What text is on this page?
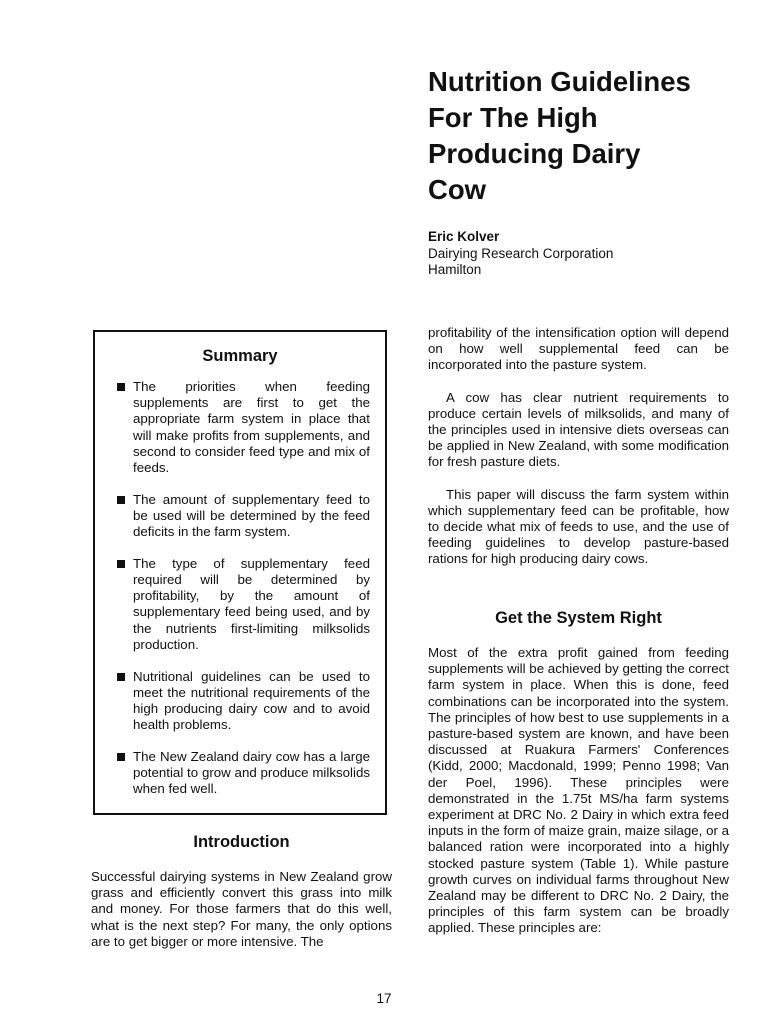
Nutrition Guidelines
For The High
Producing Dairy
Cow
Eric Kolver
Dairying Research Corporation
Hamilton
Summary
The priorities when feeding supplements are first to get the appropriate farm system in place that will make profits from supplements, and second to consider feed type and mix of feeds.
The amount of supplementary feed to be used will be determined by the feed deficits in the farm system.
The type of supplementary feed required will be determined by profitability, by the amount of supplementary feed being used, and by the nutrients first-limiting milksolids production.
Nutritional guidelines can be used to meet the nutritional requirements of the high producing dairy cow and to avoid health problems.
The New Zealand dairy cow has a large potential to grow and produce milksolids when fed well.
Introduction

Successful dairying systems in New Zealand grow grass and efficiently convert this grass into milk and money. For those farmers that do this well, what is the next step? For many, the only options are to get bigger or more intensive. The

profitability of the intensification option will depend on how well supplemental feed can be incorporated into the pasture system.

A cow has clear nutrient requirements to produce certain levels of milksolids, and many of the principles used in intensive diets overseas can be applied in New Zealand, with some modification for fresh pasture diets.

This paper will discuss the farm system within which supplementary feed can be profitable, how to decide what mix of feeds to use, and the use of feeding guidelines to develop pasture-based rations for high producing dairy cows.

Get the System Right

Most of the extra profit gained from feeding supplements will be achieved by getting the correct farm system in place. When this is done, feed combinations can be incorporated into the system. The principles of how best to use supplements in a pasture-based system are known, and have been discussed at Ruakura Farmers' Conferences (Kidd, 2000; Macdonald, 1999; Penno 1998; Van der Poel, 1996). These principles were demonstrated in the 1.75t MS/ha farm systems experiment at DRC No. 2 Dairy in which extra feed inputs in the form of maize grain, maize silage, or a balanced ration were incorporated into a highly stocked pasture system (Table 1). While pasture growth curves on individual farms throughout New Zealand may be different to DRC No. 2 Dairy, the principles of this farm system can be broadly applied. These principles are:

17
